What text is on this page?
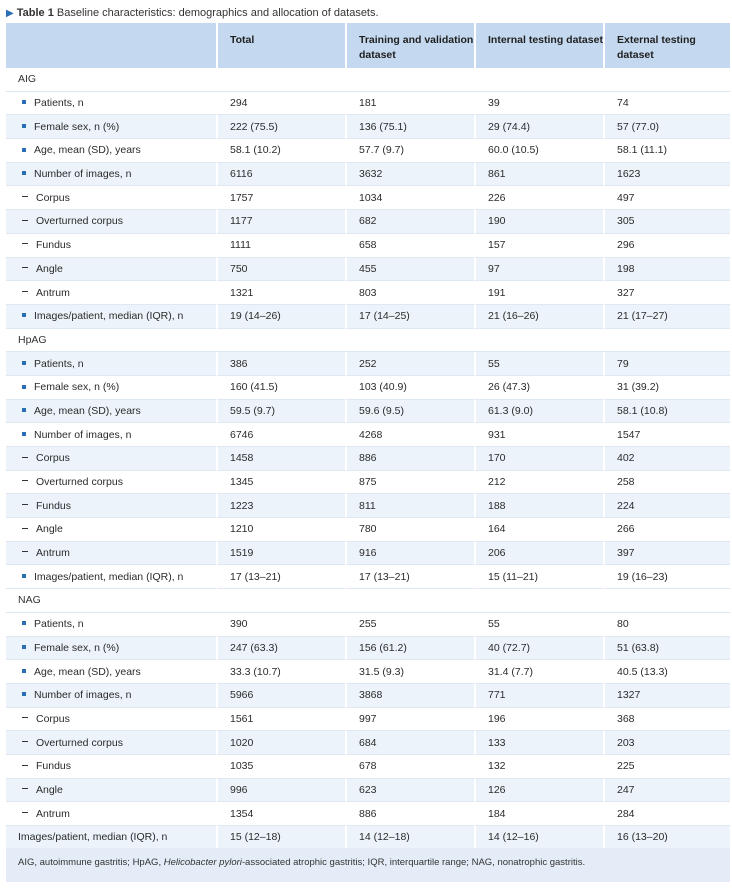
▶ Table 1 Baseline characteristics: demographics and allocation of datasets.
	Total	Training and validation dataset	Internal testing dataset	External testing dataset
AIG				
Patients, n	294	181	39	74
Female sex, n (%)	222 (75.5)	136 (75.1)	29 (74.4)	57 (77.0)
Age, mean (SD), years	58.1 (10.2)	57.7 (9.7)	60.0 (10.5)	58.1 (11.1)
Number of images, n	6116	3632	861	1623
Corpus	1757	1034	226	497
Overturned corpus	1177	682	190	305
Fundus	1111	658	157	296
Angle	750	455	97	198
Antrum	1321	803	191	327
Images/patient, median (IQR), n	19 (14–26)	17 (14–25)	21 (16–26)	21 (17–27)
HpAG				
Patients, n	386	252	55	79
Female sex, n (%)	160 (41.5)	103 (40.9)	26 (47.3)	31 (39.2)
Age, mean (SD), years	59.5 (9.7)	59.6 (9.5)	61.3 (9.0)	58.1 (10.8)
Number of images, n	6746	4268	931	1547
Corpus	1458	886	170	402
Overturned corpus	1345	875	212	258
Fundus	1223	811	188	224
Angle	1210	780	164	266
Antrum	1519	916	206	397
Images/patient, median (IQR), n	17 (13–21)	17 (13–21)	15 (11–21)	19 (16–23)
NAG				
Patients, n	390	255	55	80
Female sex, n (%)	247 (63.3)	156 (61.2)	40 (72.7)	51 (63.8)
Age, mean (SD), years	33.3 (10.7)	31.5 (9.3)	31.4 (7.7)	40.5 (13.3)
Number of images, n	5966	3868	771	1327
Corpus	1561	997	196	368
Overturned corpus	1020	684	133	203
Fundus	1035	678	132	225
Angle	996	623	126	247
Antrum	1354	886	184	284
Images/patient, median (IQR), n	15 (12–18)	14 (12–18)	14 (12–16)	16 (13–20)
AIG, autoimmune gastritis; HpAG, Helicobacter pylori-associated atrophic gastritis; IQR, interquartile range; NAG, nonatrophic gastritis.
